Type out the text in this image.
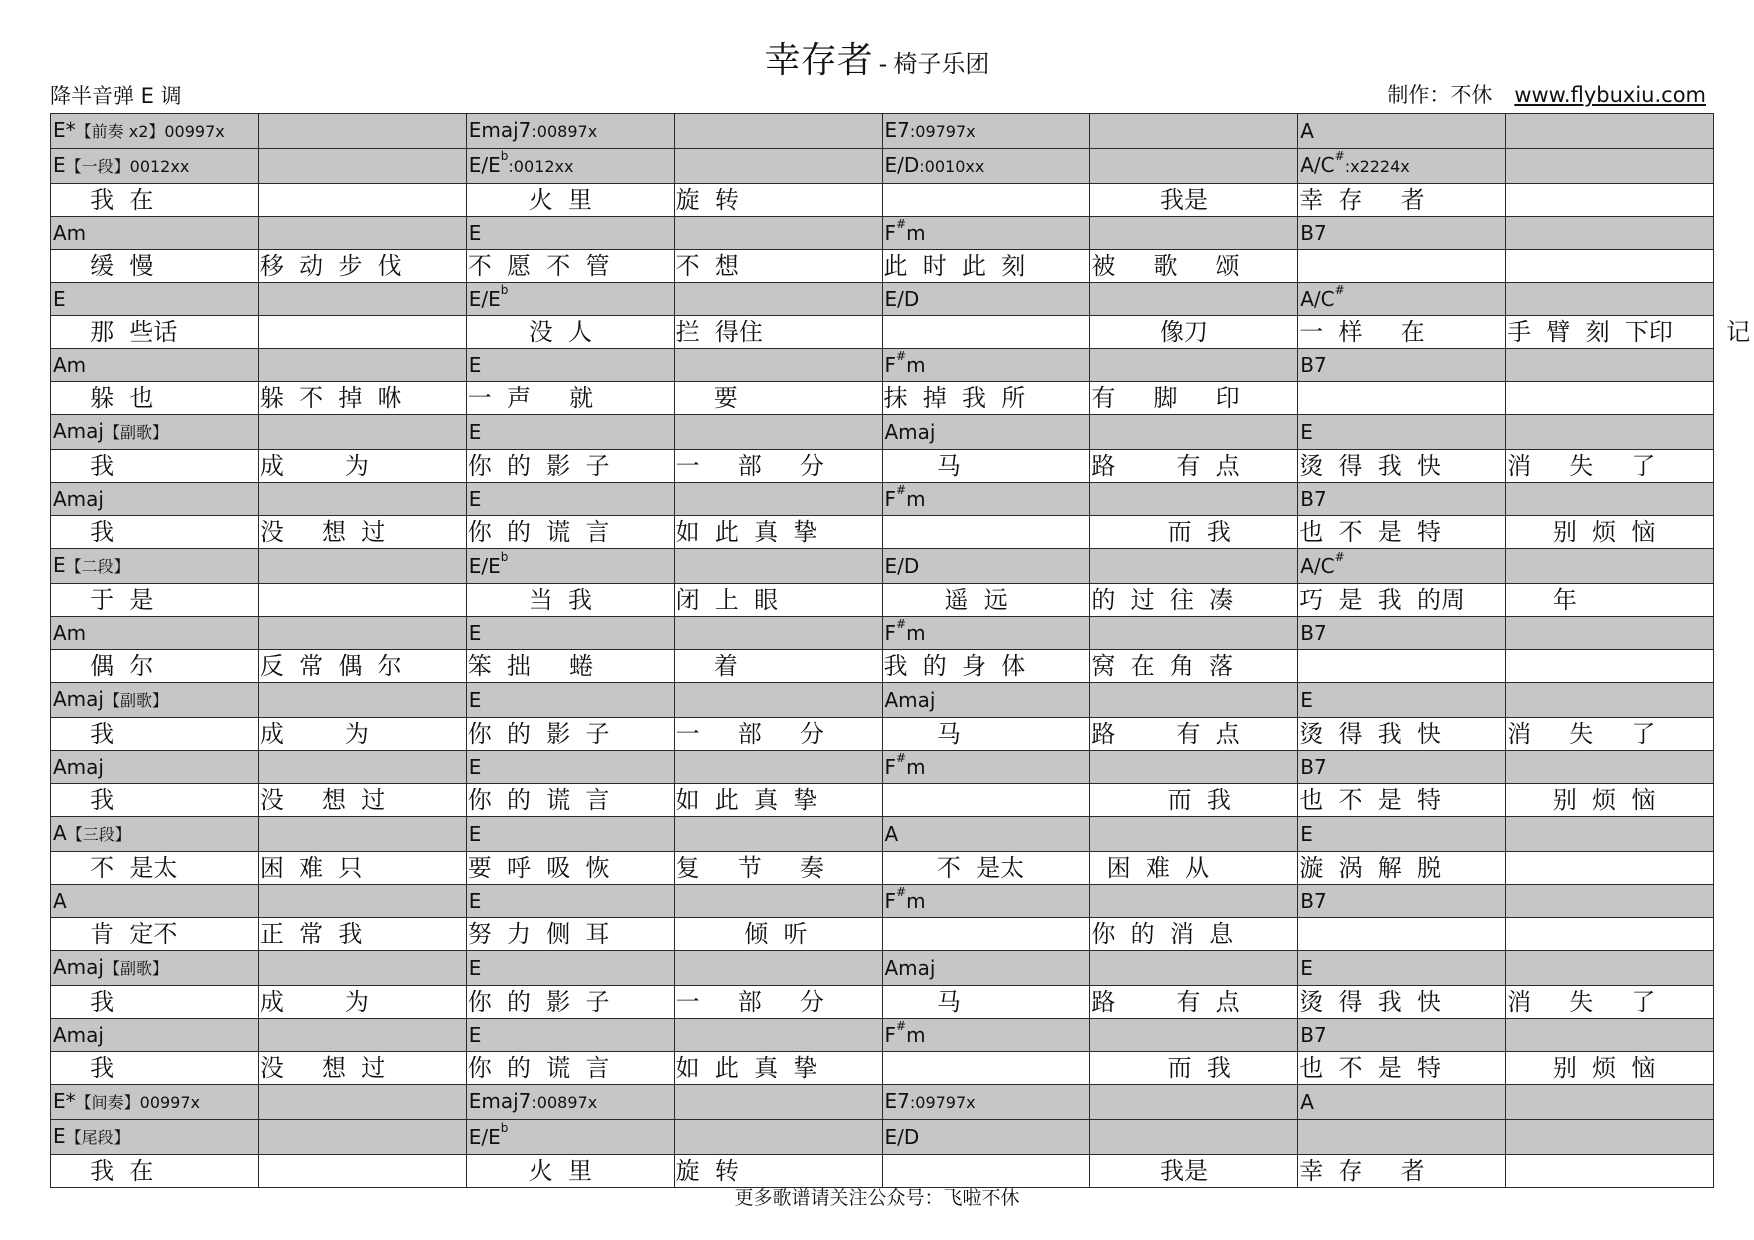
幸存者 - 椅子乐团
降半音弹 E 调	制作：不休 www.flybuxiu.com
E*【前奏 x2】00997x		Emaj7:00897x		E7:09797x		A	
E【一段】0012xx		$E/E^b:0012xx$		E/D:0010xx		A/C#:x2224x	
我  在		火  里	旋  转		我是	幸  存     者	
Am		E		F#m		B7	
缓  慢	移  动  步  伐	不  愿  不  管	不  想	此  时  此  刻	被     歌     颂		
E		$E/E^b$		E/D		A/C#	
那  些话		没  人	拦  得住		像刀	一  样     在	手  臂  刻  下印       记
Am		E		F#m		B7	
躲  也	躲  不  掉  咻	一  声     就	要	抹  掉  我  所	有     脚     印		
Amaj【副歌】		E		Amaj		E	
我	成        为	你  的  影  子	一     部     分	马	路        有  点	烫  得  我  快	消     失     了
Amaj		E		F#m		B7	
我	没     想  过	你  的  谎  言	如  此  真  挚		而  我	也  不  是  特	别  烦  恼
E【二段】		$E/E^b$		E/D		A/C#	
于  是		当  我	闭  上  眼	遥  远	的  过  往  凑	巧  是  我  的周	年
Am		E		F#m		B7	
偶  尔	反  常  偶  尔	笨  拙     蜷	着	我  的  身  体	窝  在  角  落		
Amaj【副歌】		E		Amaj		E	
我	成        为	你  的  影  子	一     部     分	马	路        有  点	烫  得  我  快	消     失     了
Amaj		E		F#m		B7	
我	没     想  过	你  的  谎  言	如  此  真  挚		而  我	也  不  是  特	别  烦  恼
A【三段】		E		A		E	
不  是太	困  难  只	要  呼  吸  恢	复     节     奏	不  是太	困  难  从	漩  涡  解  脱	
A		E		F#m		B7	
肯  定不	正  常  我	努  力  侧  耳	倾  听		你  的  消  息		
Amaj【副歌】		E		Amaj		E	
我	成        为	你  的  影  子	一     部     分	马	路        有  点	烫  得  我  快	消     失     了
Amaj		E		F#m		B7	
我	没     想  过	你  的  谎  言	如  此  真  挚		而  我	也  不  是  特	别  烦  恼
E*【间奏】00997x		Emaj7:00897x		E7:09797x		A	
E【尾段】		$E/E^b$		E/D			
我  在		火  里	旋  转		我是	幸  存     者	
更多歌谱请关注公众号：飞啦不休
